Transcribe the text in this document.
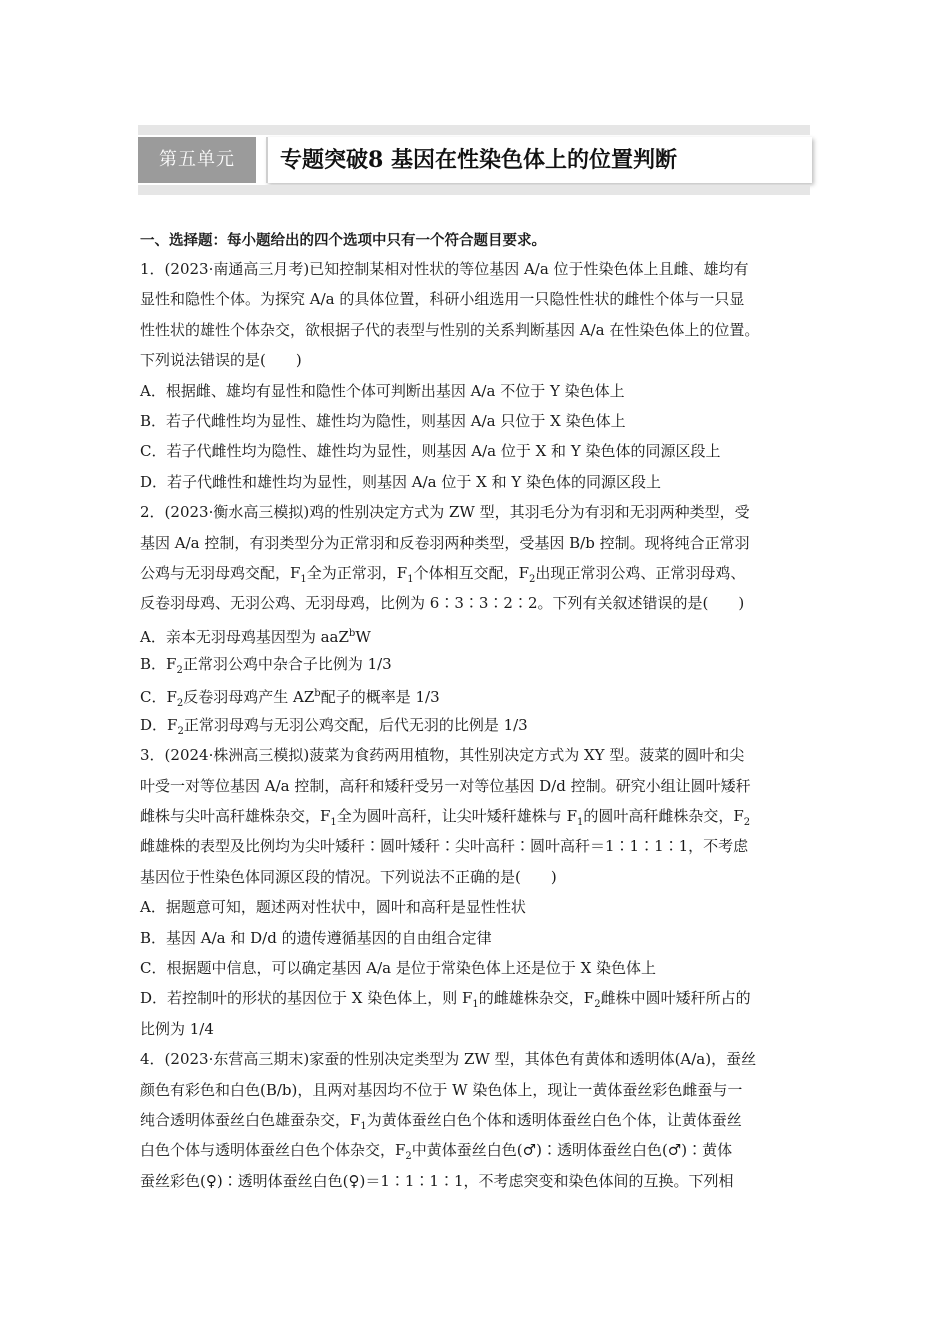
第五单元	专题突破8 基因在性染色体上的位置判断

一、选择题：每小题给出的四个选项中只有一个符合题目要求。

1．(2023·南通高三月考)已知控制某相对性状的等位基因 A/a 位于性染色体上且雌、雄均有

显性和隐性个体。为探究 A/a 的具体位置，科研小组选用一只隐性性状的雌性个体与一只显

性性状的雄性个体杂交，欲根据子代的表型与性别的关系判断基因 A/a 在性染色体上的位置。

下列说法错误的是(　　)

A．根据雌、雄均有显性和隐性个体可判断出基因 A/a 不位于 Y 染色体上

B．若子代雌性均为显性、雄性均为隐性，则基因 A/a 只位于 X 染色体上

C．若子代雌性均为隐性、雄性均为显性，则基因 A/a 位于 X 和 Y 染色体的同源区段上

D．若子代雌性和雄性均为显性，则基因 A/a 位于 X 和 Y 染色体的同源区段上

2．(2023·衡水高三模拟)鸡的性别决定方式为 ZW 型，其羽毛分为有羽和无羽两种类型，受

基因 A/a 控制，有羽类型分为正常羽和反卷羽两种类型，受基因 B/b 控制。现将纯合正常羽

公鸡与无羽母鸡交配，$F_1$全为正常羽，$F_1$个体相互交配，$F_2$出现正常羽公鸡、正常羽母鸡、

反卷羽母鸡、无羽公鸡、无羽母鸡，比例为 6∶3∶3∶2∶2。下列有关叙述错误的是(　　)

A．亲本无羽母鸡基因型为 aaZ$^b$W

B．$F_2$正常羽公鸡中杂合子比例为 1/3

C．$F_2$反卷羽母鸡产生 $AZ^b$配子的概率是 1/3

D．$F_2$正常羽母鸡与无羽公鸡交配，后代无羽的比例是 1/3

3．(2024·株洲高三模拟)菠菜为食药两用植物，其性别决定方式为 XY 型。菠菜的圆叶和尖

叶受一对等位基因 A/a 控制，高秆和矮秆受另一对等位基因 D/d 控制。研究小组让圆叶矮秆

雌株与尖叶高秆雄株杂交，$F_1$全为圆叶高秆，让尖叶矮秆雄株与 $F_1$的圆叶高秆雌株杂交，$F_2$

雌雄株的表型及比例均为尖叶矮秆∶圆叶矮秆∶尖叶高秆∶圆叶高秆＝1∶1∶1∶1，不考虑

基因位于性染色体同源区段的情况。下列说法不正确的是(　　)

A．据题意可知，题述两对性状中，圆叶和高秆是显性性状

B．基因 A/a 和 D/d 的遗传遵循基因的自由组合定律

C．根据题中信息，可以确定基因 A/a 是位于常染色体上还是位于 X 染色体上

D．若控制叶的形状的基因位于 X 染色体上，则 $F_1$的雌雄株杂交，$F_2$雌株中圆叶矮秆所占的

比例为 1/4

4．(2023·东营高三期末)家蚕的性别决定类型为 ZW 型，其体色有黄体和透明体(A/a)，蚕丝

颜色有彩色和白色(B/b)，且两对基因均不位于 W 染色体上，现让一黄体蚕丝彩色雌蚕与一

纯合透明体蚕丝白色雄蚕杂交，$F_1$为黄体蚕丝白色个体和透明体蚕丝白色个体，让黄体蚕丝

白色个体与透明体蚕丝白色个体杂交，$F_2$中黄体蚕丝白色(♂)∶透明体蚕丝白色(♂)∶黄体

蚕丝彩色(♀)∶透明体蚕丝白色(♀)＝1∶1∶1∶1，不考虑突变和染色体间的互换。下列相
